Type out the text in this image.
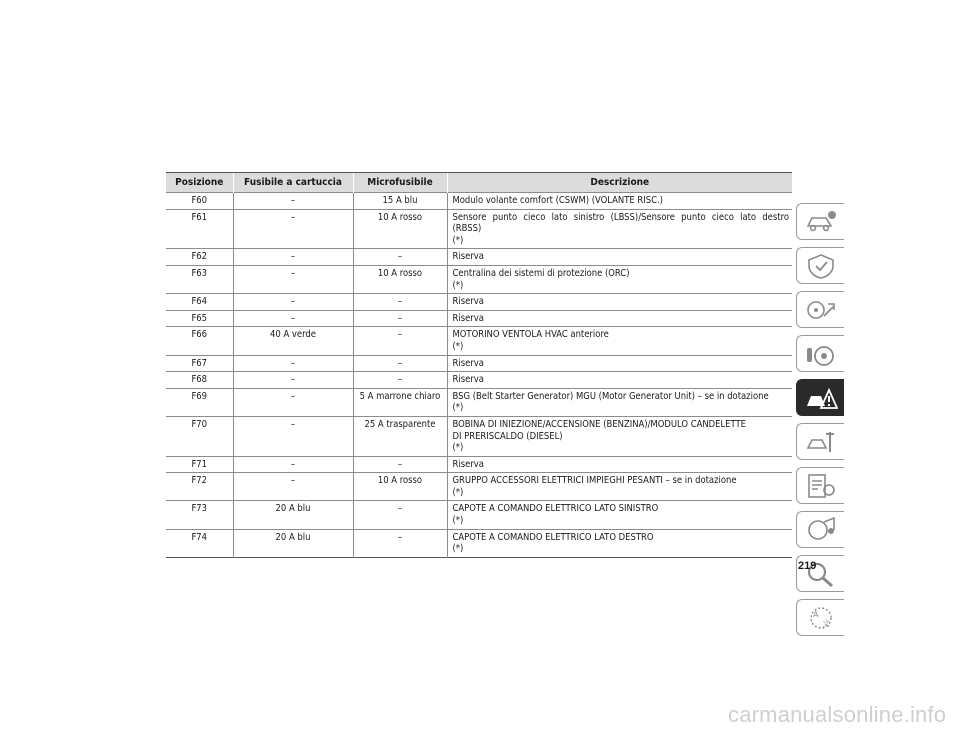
Posizione	Fusibile a cartuccia	Microfusibile	Descrizione
F60	–	15 A blu	Modulo volante comfort (CSWM) (VOLANTE RISC.)

F61	–	10 A rosso	Sensore punto cieco lato sinistro (LBSS)/Sensore punto cieco lato destro
(RBSS)
(*)

F62	–	–	Riserva

F63	–	10 A rosso	Centralina dei sistemi di protezione (ORC)
(*)

F64	–	–	Riserva

F65	–	–	Riserva

F66	40 A verde	–	MOTORINO VENTOLA HVAC anteriore
(*)

F67	–	–	Riserva

F68	–	–	Riserva

F69	–	5 A marrone chiaro	BSG (Belt Starter Generator) MGU (Motor Generator Unit) – se in dotazione
(*)

F70	–	25 A trasparente	BOBINA DI INIEZIONE/ACCENSIONE (BENZINA)/MODULO CANDELETTE
DI PRERISCALDO (DIESEL)
(*)

F71	–	–	Riserva

F72	–	10 A rosso	GRUPPO ACCESSORI ELETTRICI IMPIEGHI PESANTI – se in dotazione
(*)

F73	20 A blu	–	CAPOTE A COMANDO ELETTRICO LATO SINISTRO
(*)

F74	20 A blu	–	CAPOTE A COMANDO ELETTRICO LATO DESTRO
(*)
A
文
219
carmanualsonline.info
